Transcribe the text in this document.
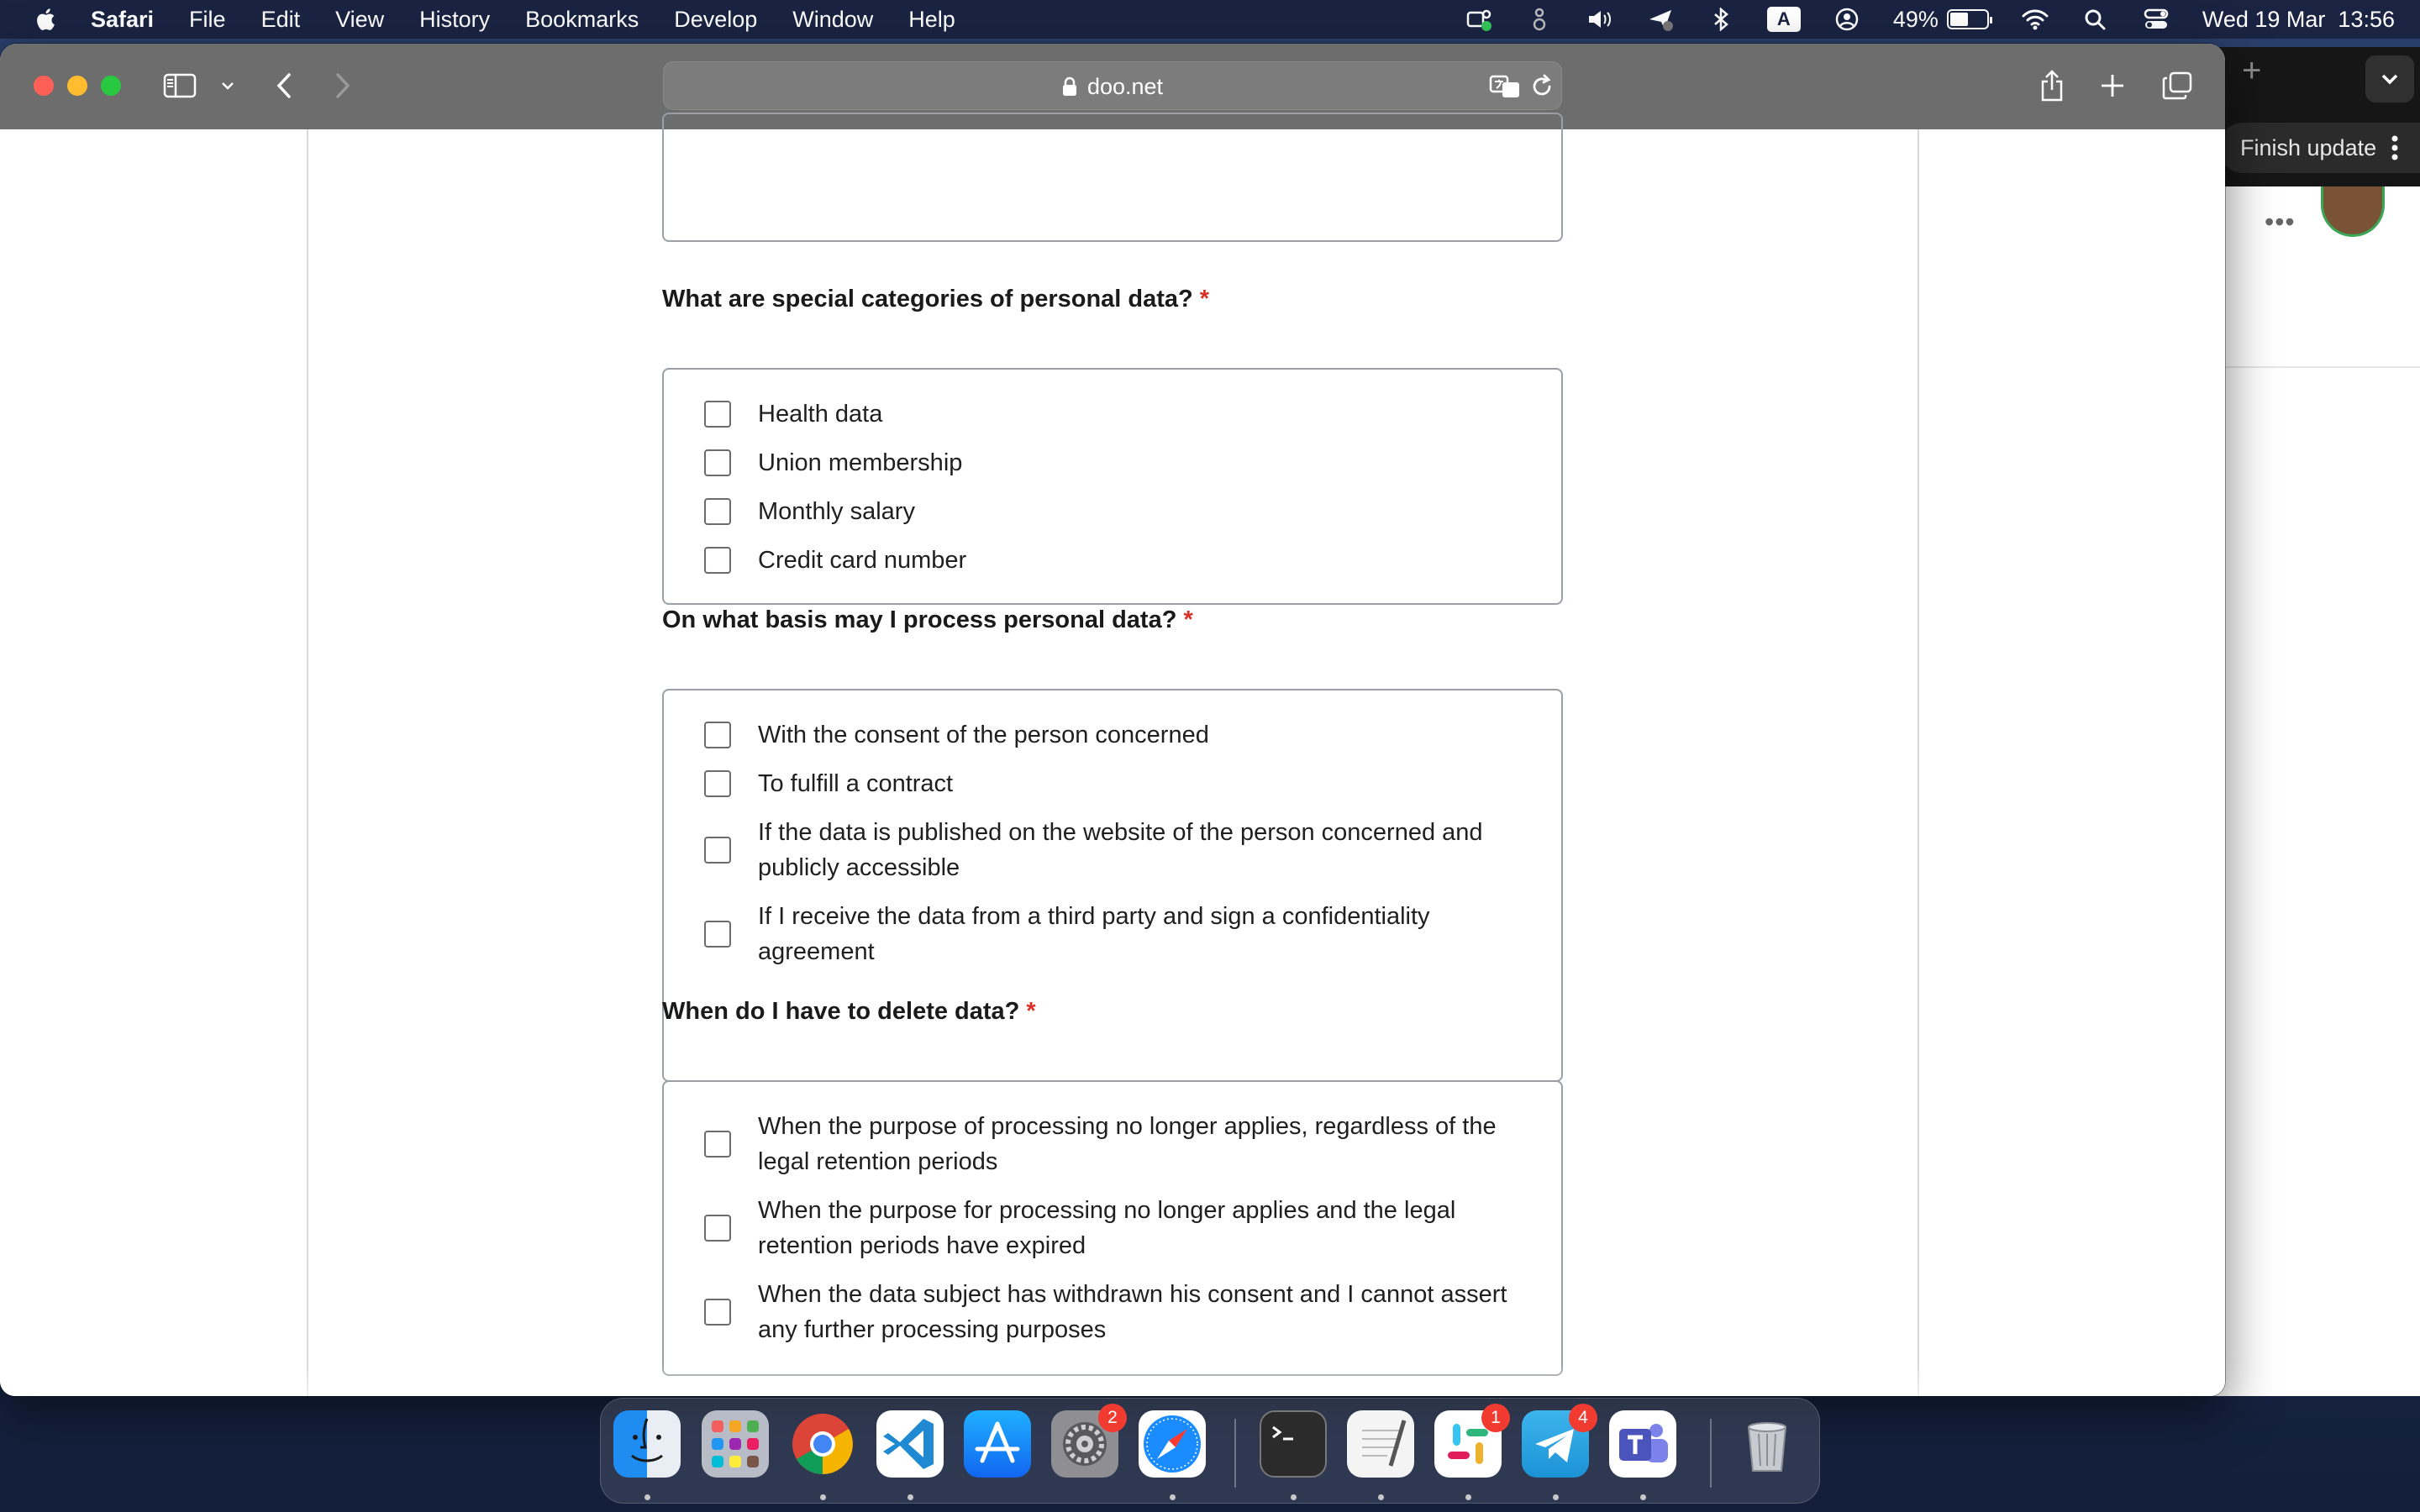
Safari File Edit View History Bookmarks Develop Window Help	A	49%	Wed 19 Mar  13:56
+
Finish update
•••
doo.net
What are special categories of personal data? *
Health data
Union membership
Monthly salary
Credit card number
On what basis may I process personal data? *
With the consent of the person concerned
To fulfill a contract
If the data is published on the website of the person concerned and publicly accessible
If I receive the data from a third party and sign a confidentiality agreement
When do I have to delete data? *
When the purpose of processing no longer applies, regardless of the legal retention periods
When the purpose for processing no longer applies and the legal retention periods have expired
When the data subject has withdrawn his consent and I cannot assert any further processing purposes
2	1	4
